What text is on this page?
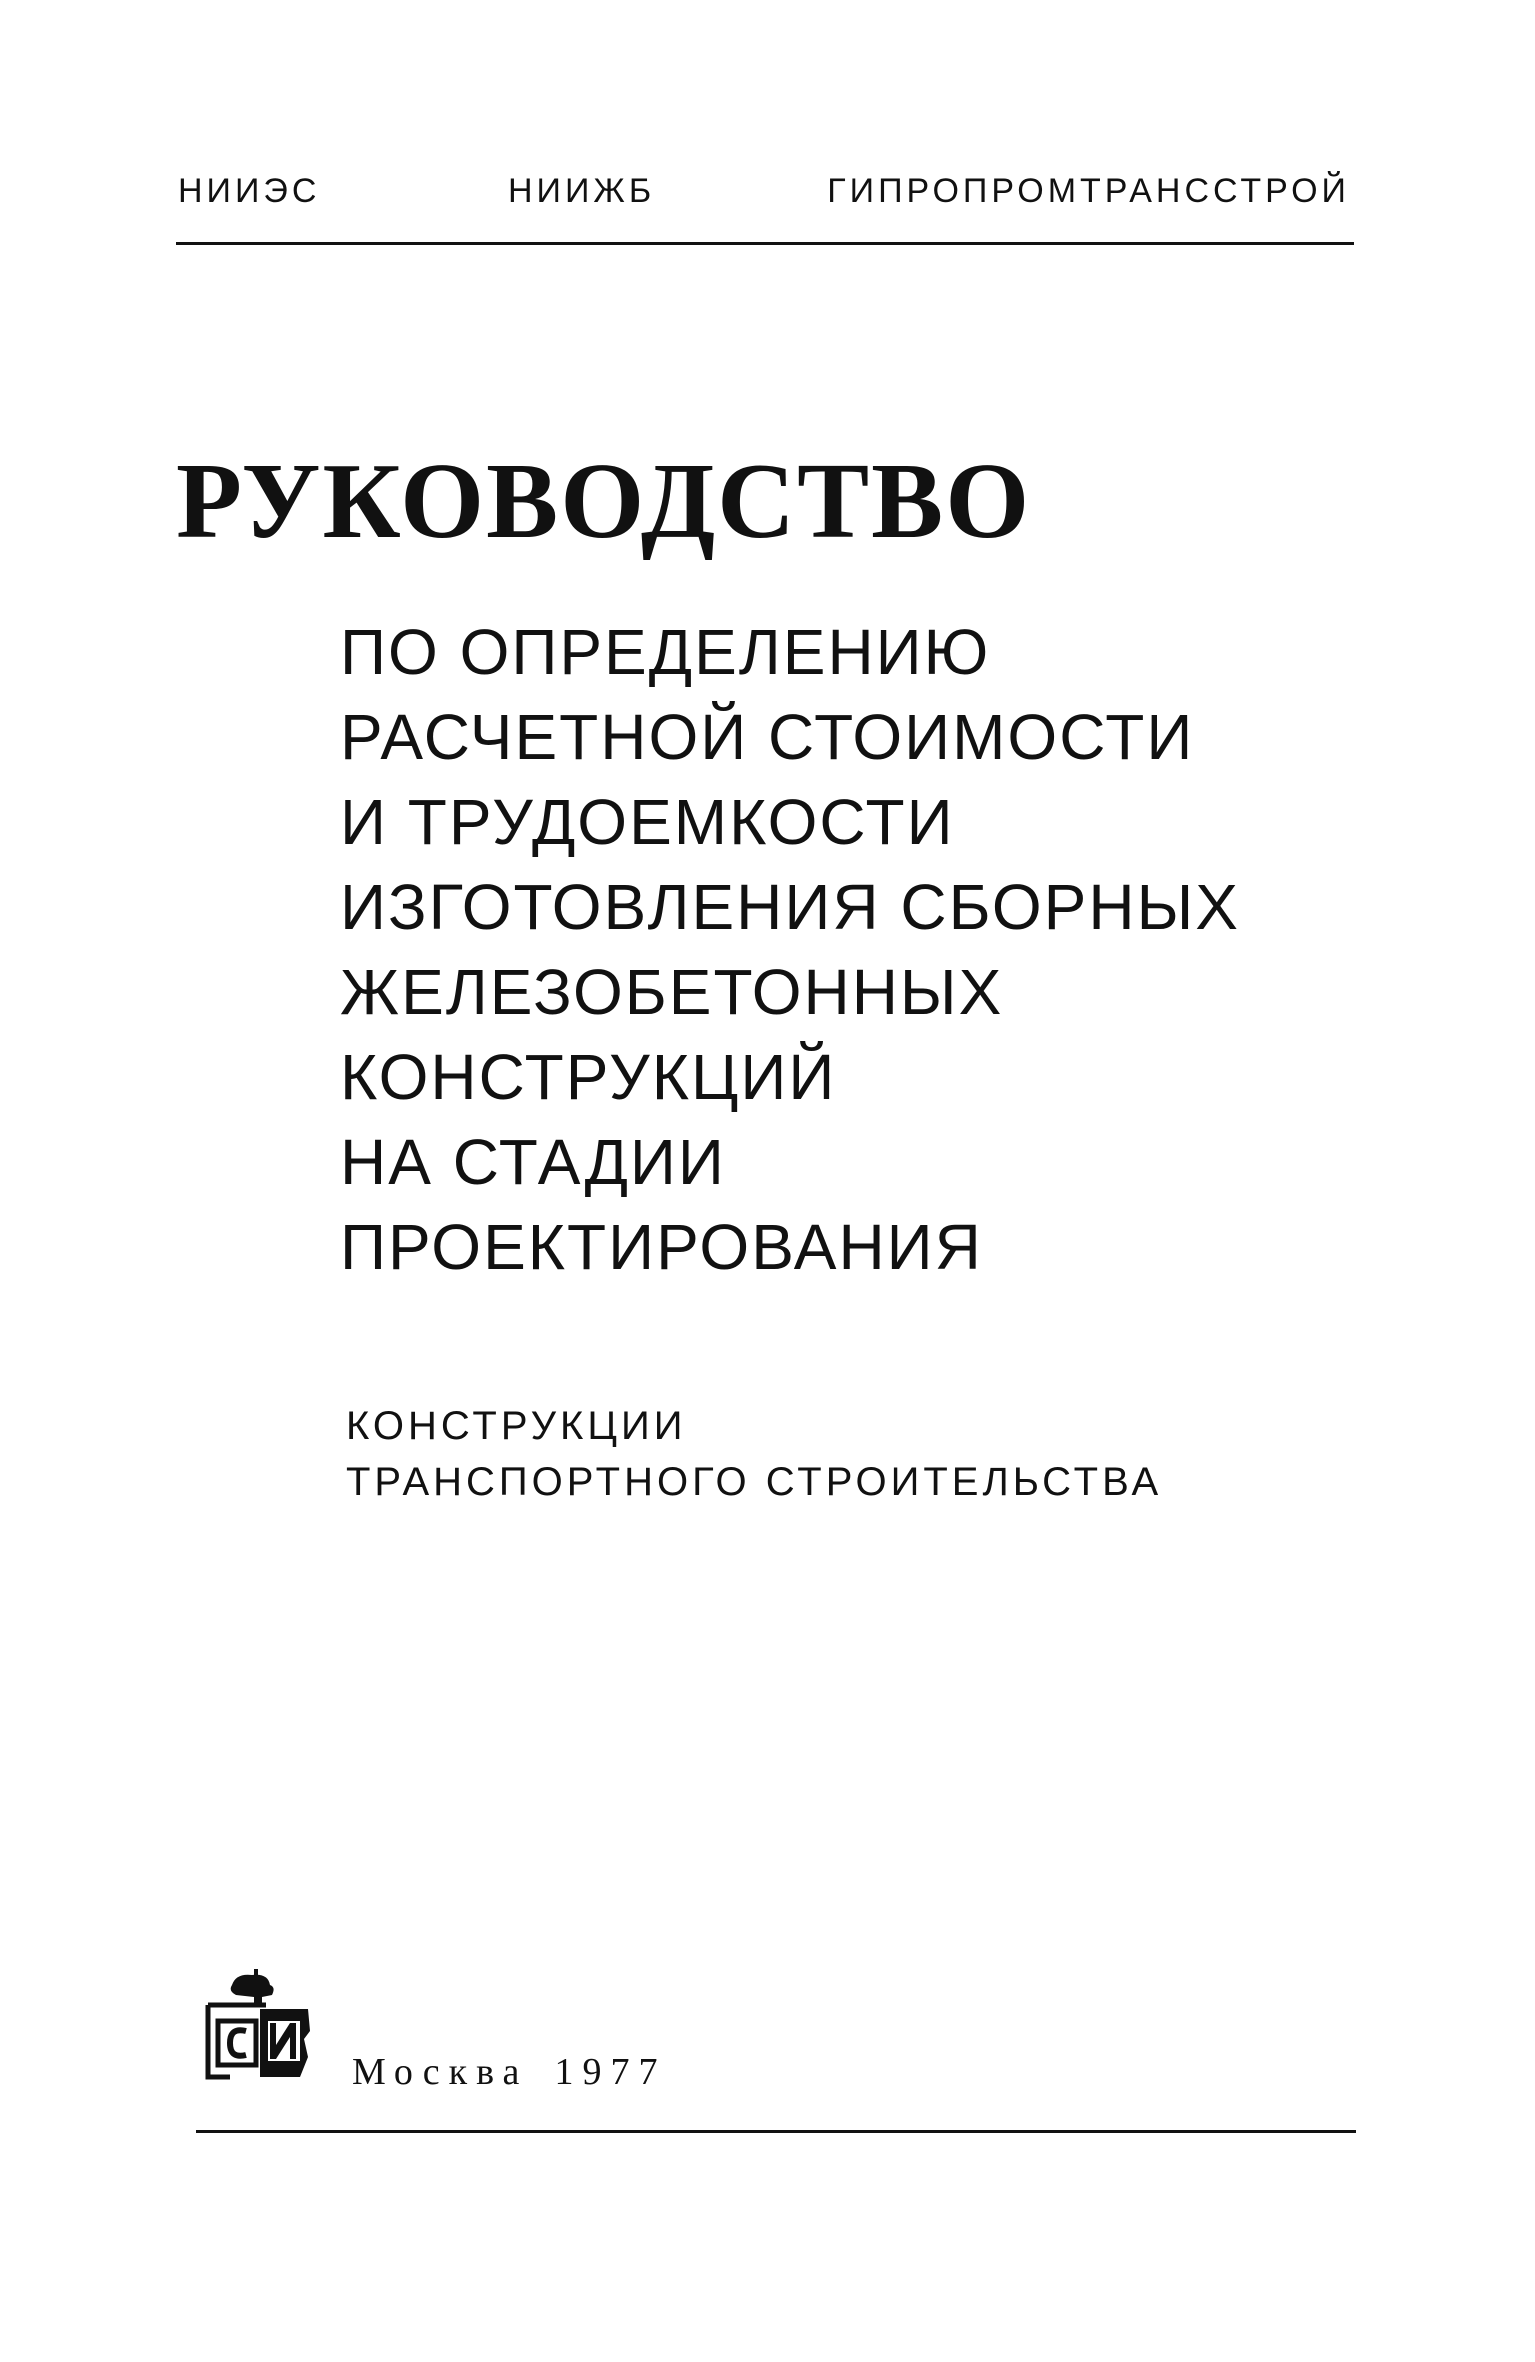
НИИЭС	НИИЖБ	ГИПРОПРОМТРАНССТРОЙ
РУКОВОДСТВО
ПО ОПРЕДЕЛЕНИЮ
РАСЧЕТНОЙ СТОИМОСТИ
И ТРУДОЕМКОСТИ
ИЗГОТОВЛЕНИЯ СБОРНЫХ
ЖЕЛЕЗОБЕТОННЫХ
КОНСТРУКЦИЙ
НА СТАДИИ
ПРОЕКТИРОВАНИЯ
КОНСТРУКЦИИ
ТРАНСПОРТНОГО СТРОИТЕЛЬСТВА
СИ
Москва 1977
